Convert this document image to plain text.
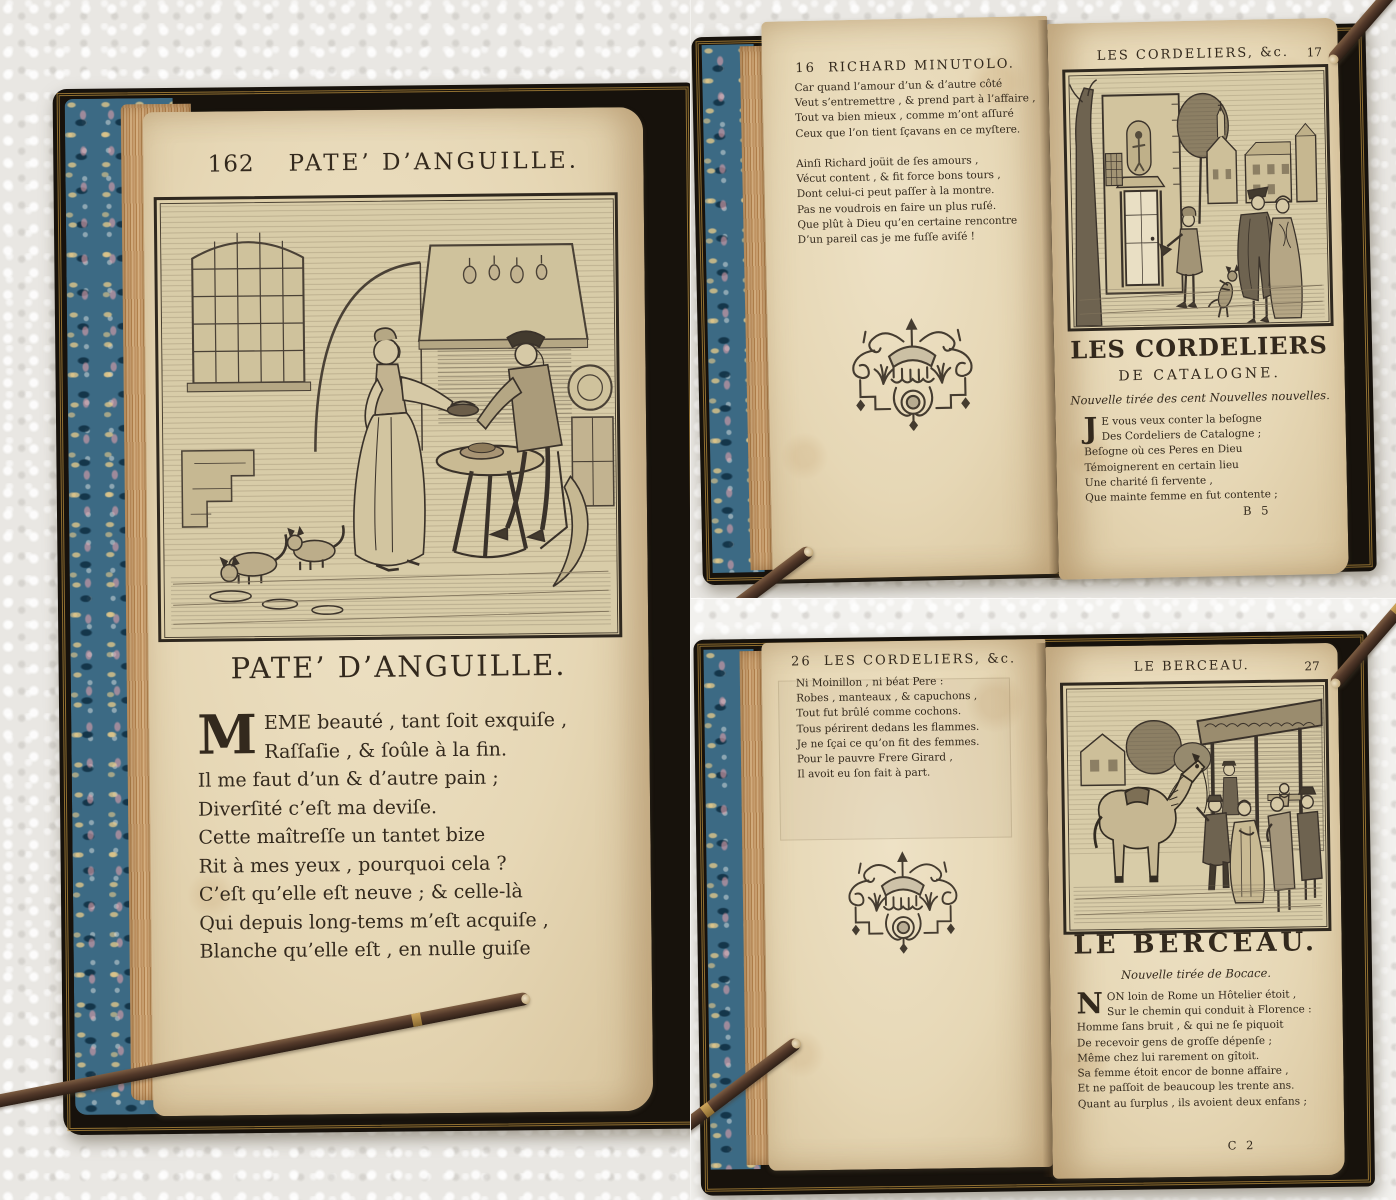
162 PATE’ D’ANGUILLE.
PATE’ D’ANGUILLE.
M EME beauté , tant ſoit exquiſe ,
Raſſaſie , & ſoûle à la fin.
Il me faut d’un & d’autre pain ;
Diverſité c’eſt ma deviſe.
Cette maîtreſſe un tantet bize
Rit à mes yeux , pourquoi cela ?
C’eſt qu’elle eſt neuve ; & celle-là
Qui depuis long-tems m’eſt acquiſe ,
Blanche qu’elle eſt , en nulle guiſe
16 RICHARD MINUTOLO.
Car quand l’amour d’un & d’autre côté
Veut s’entremettre , & prend part à l’affaire ,
Tout va bien mieux , comme m’ont aſſuré
Ceux que l’on tient ſçavans en ce myſtere.
Ainſi Richard joüit de ſes amours ,
Vécut content , & fit force bons tours ,
Dont celui-ci peut paſſer à la montre.
Pas ne voudrois en faire un plus ruſé.
Que plût à Dieu qu’en certaine rencontre
D’un pareil cas je me fuſſe aviſé !
LES CORDELIERS, &c.	17
LES CORDELIERS
DE CATALOGNE.
Nouvelle tirée des cent Nouvelles nouvelles.
J E vous veux conter la beſogne
Des Cordeliers de Catalogne ;
Beſogne où ces Peres en Dieu
Témoignerent en certain lieu
Une charité ſi fervente ,
Que mainte femme en fut contente ;
B 5
26 LES CORDELIERS, &c.
Ni Moinillon , ni béat Pere :
Robes , manteaux , & capuchons ,
Tout fut brûlé comme cochons.
Tous périrent dedans les flammes.
Je ne ſçai ce qu’on fit des femmes.
Pour le pauvre Frere Girard ,
Il avoit eu ſon fait à part.
LE BERCEAU.	27
LE BERCEAU.
Nouvelle tirée de Bocace.
N ON loin de Rome un Hôtelier étoit ,
Sur le chemin qui conduit à Florence :
Homme ſans bruit , & qui ne ſe piquoit
De recevoir gens de groſſe dépenſe ;
Même chez lui rarement on gîtoit.
Sa femme étoit encor de bonne affaire ,
Et ne paſſoit de beaucoup les trente ans.
Quant au ſurplus , ils avoient deux enfans ;
C 2
